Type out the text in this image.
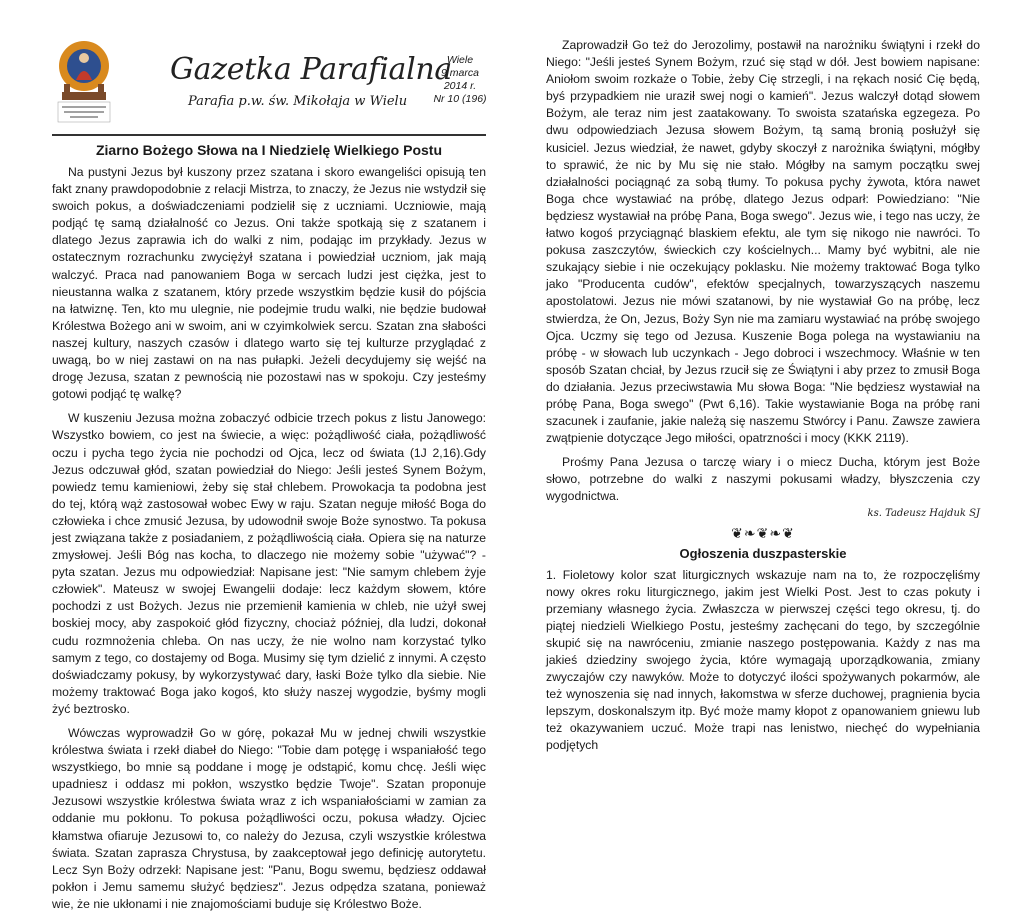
Gazetka Parafialna
Parafia p.w. św. Mikołaja w Wielu
Wiele
9 marca
2014 r.
Nr 10 (196)
Ziarno Bożego Słowa na I Niedzielę Wielkiego Postu

Na pustyni Jezus był kuszony przez szatana i skoro ewangeliści opisują ten fakt znany prawdopodobnie z relacji Mistrza, to znaczy, że Jezus nie wstydził się swoich pokus, a doświadczeniami podzielił się z uczniami. Uczniowie, mają podjąć tę samą działalność co Jezus. Oni także spotkają się z szatanem i dlatego Jezus zaprawia ich do walki z nim, podając im przykłady. Jezus w ostatecznym rozrachunku zwyciężył szatana i powiedział uczniom, jak mają walczyć. Praca nad panowaniem Boga w sercach ludzi jest ciężka, jest to nieustanna walka z szatanem, który przede wszystkim będzie kusił do pójścia na łatwiznę. Ten, kto mu ulegnie, nie podejmie trudu walki, nie będzie budował Królestwa Bożego ani w swoim, ani w czyimkolwiek sercu. Szatan zna słabości naszej kultury, naszych czasów i dlatego warto się tej kulturze przyglądać z uwagą, bo w niej zastawi on na nas pułapki. Jeżeli decydujemy się wejść na drogę Jezusa, szatan z pewnością nie pozostawi nas w spokoju. Czy jesteśmy gotowi podjąć tę walkę?

W kuszeniu Jezusa można zobaczyć odbicie trzech pokus z listu Janowego: Wszystko bowiem, co jest na świecie, a więc: pożądliwość ciała, pożądliwość oczu i pycha tego życia nie pochodzi od Ojca, lecz od świata (1J 2,16).Gdy Jezus odczuwał głód, szatan powiedział do Niego: Jeśli jesteś Synem Bożym, powiedz temu kamieniowi, żeby się stał chlebem. Prowokacja ta podobna jest do tej, którą wąż zastosował wobec Ewy w raju. Szatan neguje miłość Boga do człowieka i chce zmusić Jezusa, by udowodnił swoje Boże synostwo. Ta pokusa jest związana także z posiadaniem, z pożądliwością ciała. Opiera się na naturze zmysłowej. Jeśli Bóg nas kocha, to dlaczego nie możemy sobie "używać"? - pyta szatan. Jezus mu odpowiedział: Napisane jest: "Nie samym chlebem żyje człowiek". Mateusz w swojej Ewangelii dodaje: lecz każdym słowem, które pochodzi z ust Bożych. Jezus nie przemienił kamienia w chleb, nie użył swej boskiej mocy, aby zaspokoić głód fizyczny, chociaż później, dla ludzi, dokonał cudu rozmnożenia chleba. On nas uczy, że nie wolno nam korzystać tylko samym z tego, co dostajemy od Boga. Musimy się tym dzielić z innymi. A często doświadczamy pokusy, by wykorzystywać dary, łaski Boże tylko dla siebie. Nie możemy traktować Boga jako kogoś, kto służy naszej wygodzie, byśmy mogli żyć beztrosko.

Wówczas wyprowadził Go w górę, pokazał Mu w jednej chwili wszystkie królestwa świata i rzekł diabeł do Niego: "Tobie dam potęgę i wspaniałość tego wszystkiego, bo mnie są poddane i mogę je odstąpić, komu chcę. Jeśli więc upadniesz i oddasz mi pokłon, wszystko będzie Twoje". Szatan proponuje Jezusowi wszystkie królestwa świata wraz z ich wspaniałościami w zamian za oddanie mu pokłonu. To pokusa pożądliwości oczu, pokusa władzy. Ojciec kłamstwa ofiaruje Jezusowi to, co należy do Jezusa, czyli wszystkie królestwa świata. Szatan zaprasza Chrystusa, by zaakceptował jego definicję autorytetu. Lecz Syn Boży odrzekł: Napisane jest: "Panu, Bogu swemu, będziesz oddawał pokłon i Jemu samemu służyć będziesz". Jezus odpędza szatana, ponieważ wie, że nie ukłonami i nie znajomościami buduje się Królestwo Boże.

Zaprowadził Go też do Jerozolimy, postawił na narożniku świątyni i rzekł do Niego: "Jeśli jesteś Synem Bożym, rzuć się stąd w dół. Jest bowiem napisane: Aniołom swoim rozkaże o Tobie, żeby Cię strzegli, i na rękach nosić Cię będą, byś przypadkiem nie uraził swej nogi o kamień". Jezus walczył dotąd słowem Bożym, ale teraz nim jest zaatakowany. To swoista szatańska egzegeza. Po dwu odpowiedziach Jezusa słowem Bożym, tą samą bronią posłużył się kusiciel. Jezus wiedział, że nawet, gdyby skoczył z narożnika świątyni, mógłby to sprawić, że nic by Mu się nie stało. Mógłby na samym początku swej działalności pociągnąć za sobą tłumy. To pokusa pychy żywota, która nawet Boga chce wystawiać na próbę, dlatego Jezus odparł: Powiedziano: "Nie będziesz wystawiał na próbę Pana, Boga swego". Jezus wie, i tego nas uczy, że łatwo kogoś przyciągnąć blaskiem efektu, ale tym się nikogo nie nawróci. To pokusa zaszczytów, świeckich czy kościelnych... Mamy być wybitni, ale nie szukający siebie i nie oczekujący poklasku. Nie możemy traktować Boga tylko jako "Producenta cudów", efektów specjalnych, towarzyszących naszemu apostolatowi. Jezus nie mówi szatanowi, by nie wystawiał Go na próbę, lecz stwierdza, że On, Jezus, Boży Syn nie ma zamiaru wystawiać na próbę swojego Ojca. Uczmy się tego od Jezusa. Kuszenie Boga polega na wystawianiu na próbę - w słowach lub uczynkach - Jego dobroci i wszechmocy. Właśnie w ten sposób Szatan chciał, by Jezus rzucił się ze Świątyni i aby przez to zmusił Boga do działania. Jezus przeciwstawia Mu słowa Boga: "Nie będziesz wystawiał na próbę Pana, Boga swego" (Pwt 6,16). Takie wystawianie Boga na próbę rani szacunek i zaufanie, jakie należą się naszemu Stwórcy i Panu. Zawsze zawiera zwątpienie dotyczące Jego miłości, opatrzności i mocy (KKK 2119).

Prośmy Pana Jezusa o tarczę wiary i o miecz Ducha, którym jest Boże słowo, potrzebne do walki z naszymi pokusami władzy, błyszczenia czy wygodnictwa.

ks. Tadeusz Hajduk SJ
❦❧❦❧❦
Ogłoszenia duszpasterskie

1. Fioletowy kolor szat liturgicznych wskazuje nam na to, że rozpoczęliśmy nowy okres roku liturgicznego, jakim jest Wielki Post. Jest to czas pokuty i przemiany własnego życia. Zwłaszcza w pierwszej części tego okresu, tj. do piątej niedzieli Wielkiego Postu, jesteśmy zachęcani do tego, by szczególnie skupić się na nawróceniu, zmianie naszego postępowania. Każdy z nas ma jakieś dziedziny swojego życia, które wymagają uporządkowania, zmiany zwyczajów czy nawyków. Może to dotyczyć ilości spożywanych pokarmów, ale też wynoszenia się nad innych, łakomstwa w sferze duchowej, pragnienia bycia lepszym, doskonalszym itp. Być może mamy kłopot z opanowaniem gniewu lub też okazywaniem uczuć. Może trapi nas lenistwo, niechęć do wypełniania podjętych
